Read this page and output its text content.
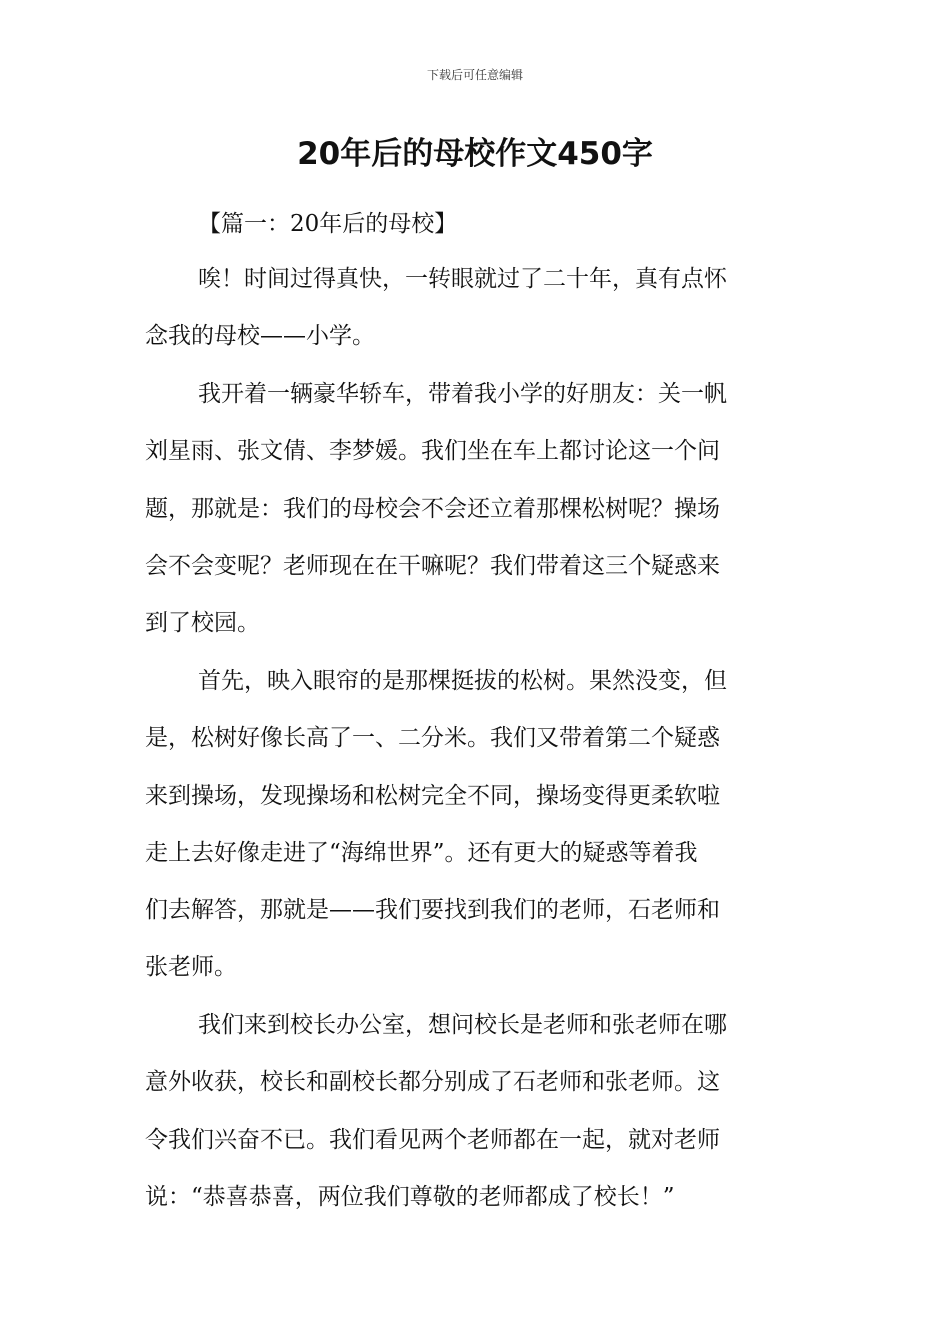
下载后可任意编辑
20年后的母校作文450字

【篇一：20年后的母校】

唉！时间过得真快，一转眼就过了二十年，真有点怀
念我的母校——小学。
我开着一辆豪华轿车，带着我小学的好朋友：关一帆
刘星雨、张文倩、李梦媛。我们坐在车上都讨论这一个问
题，那就是：我们的母校会不会还立着那棵松树呢？操场
会不会变呢？老师现在在干嘛呢？我们带着这三个疑惑来
到了校园。
首先，映入眼帘的是那棵挺拔的松树。果然没变，但
是，松树好像长高了一、二分米。我们又带着第二个疑惑
来到操场，发现操场和松树完全不同，操场变得更柔软啦
走上去好像走进了“海绵世界”。还有更大的疑惑等着我
们去解答，那就是——我们要找到我们的老师，石老师和
张老师。
我们来到校长办公室，想问校长是老师和张老师在哪
意外收获，校长和副校长都分别成了石老师和张老师。这
令我们兴奋不已。我们看见两个老师都在一起，就对老师
说：“恭喜恭喜，两位我们尊敬的老师都成了校长！”
